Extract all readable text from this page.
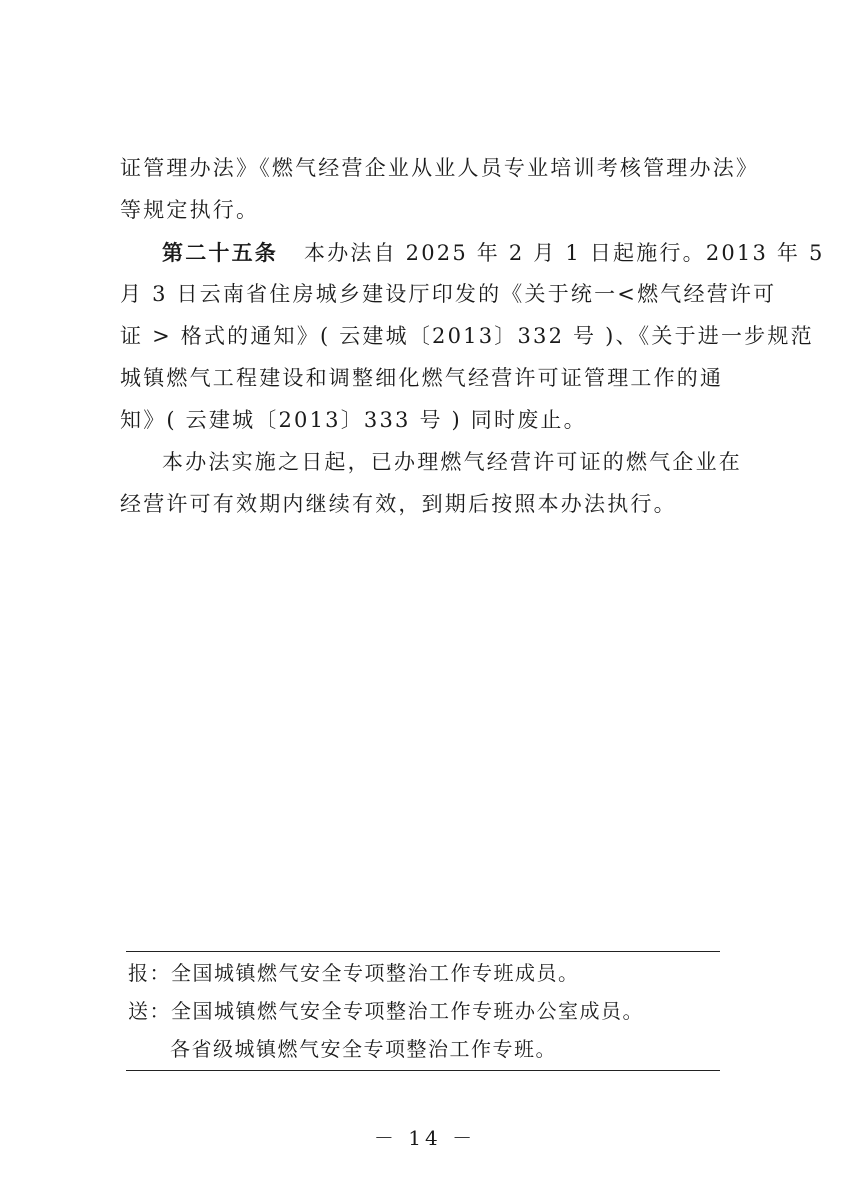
证管理办法》《燃气经营企业从业人员专业培训考核管理办法》
等规定执行。
第二十五条 本办法自 2025 年 2 月 1 日起施行。2013 年 5
月 3 日云南省住房城乡建设厅印发的《关于统一<燃气经营许可
证 > 格式的通知》( 云建城〔2013〕332 号 )、《关于进一步规范
城镇燃气工程建设和调整细化燃气经营许可证管理工作的通
知》( 云建城〔2013〕333 号 ) 同时废止。
本办法实施之日起，已办理燃气经营许可证的燃气企业在
经营许可有效期内继续有效，到期后按照本办法执行。
报：全国城镇燃气安全专项整治工作专班成员。
送：全国城镇燃气安全专项整治工作专班办公室成员。
各省级城镇燃气安全专项整治工作专班。
－ 14 －
